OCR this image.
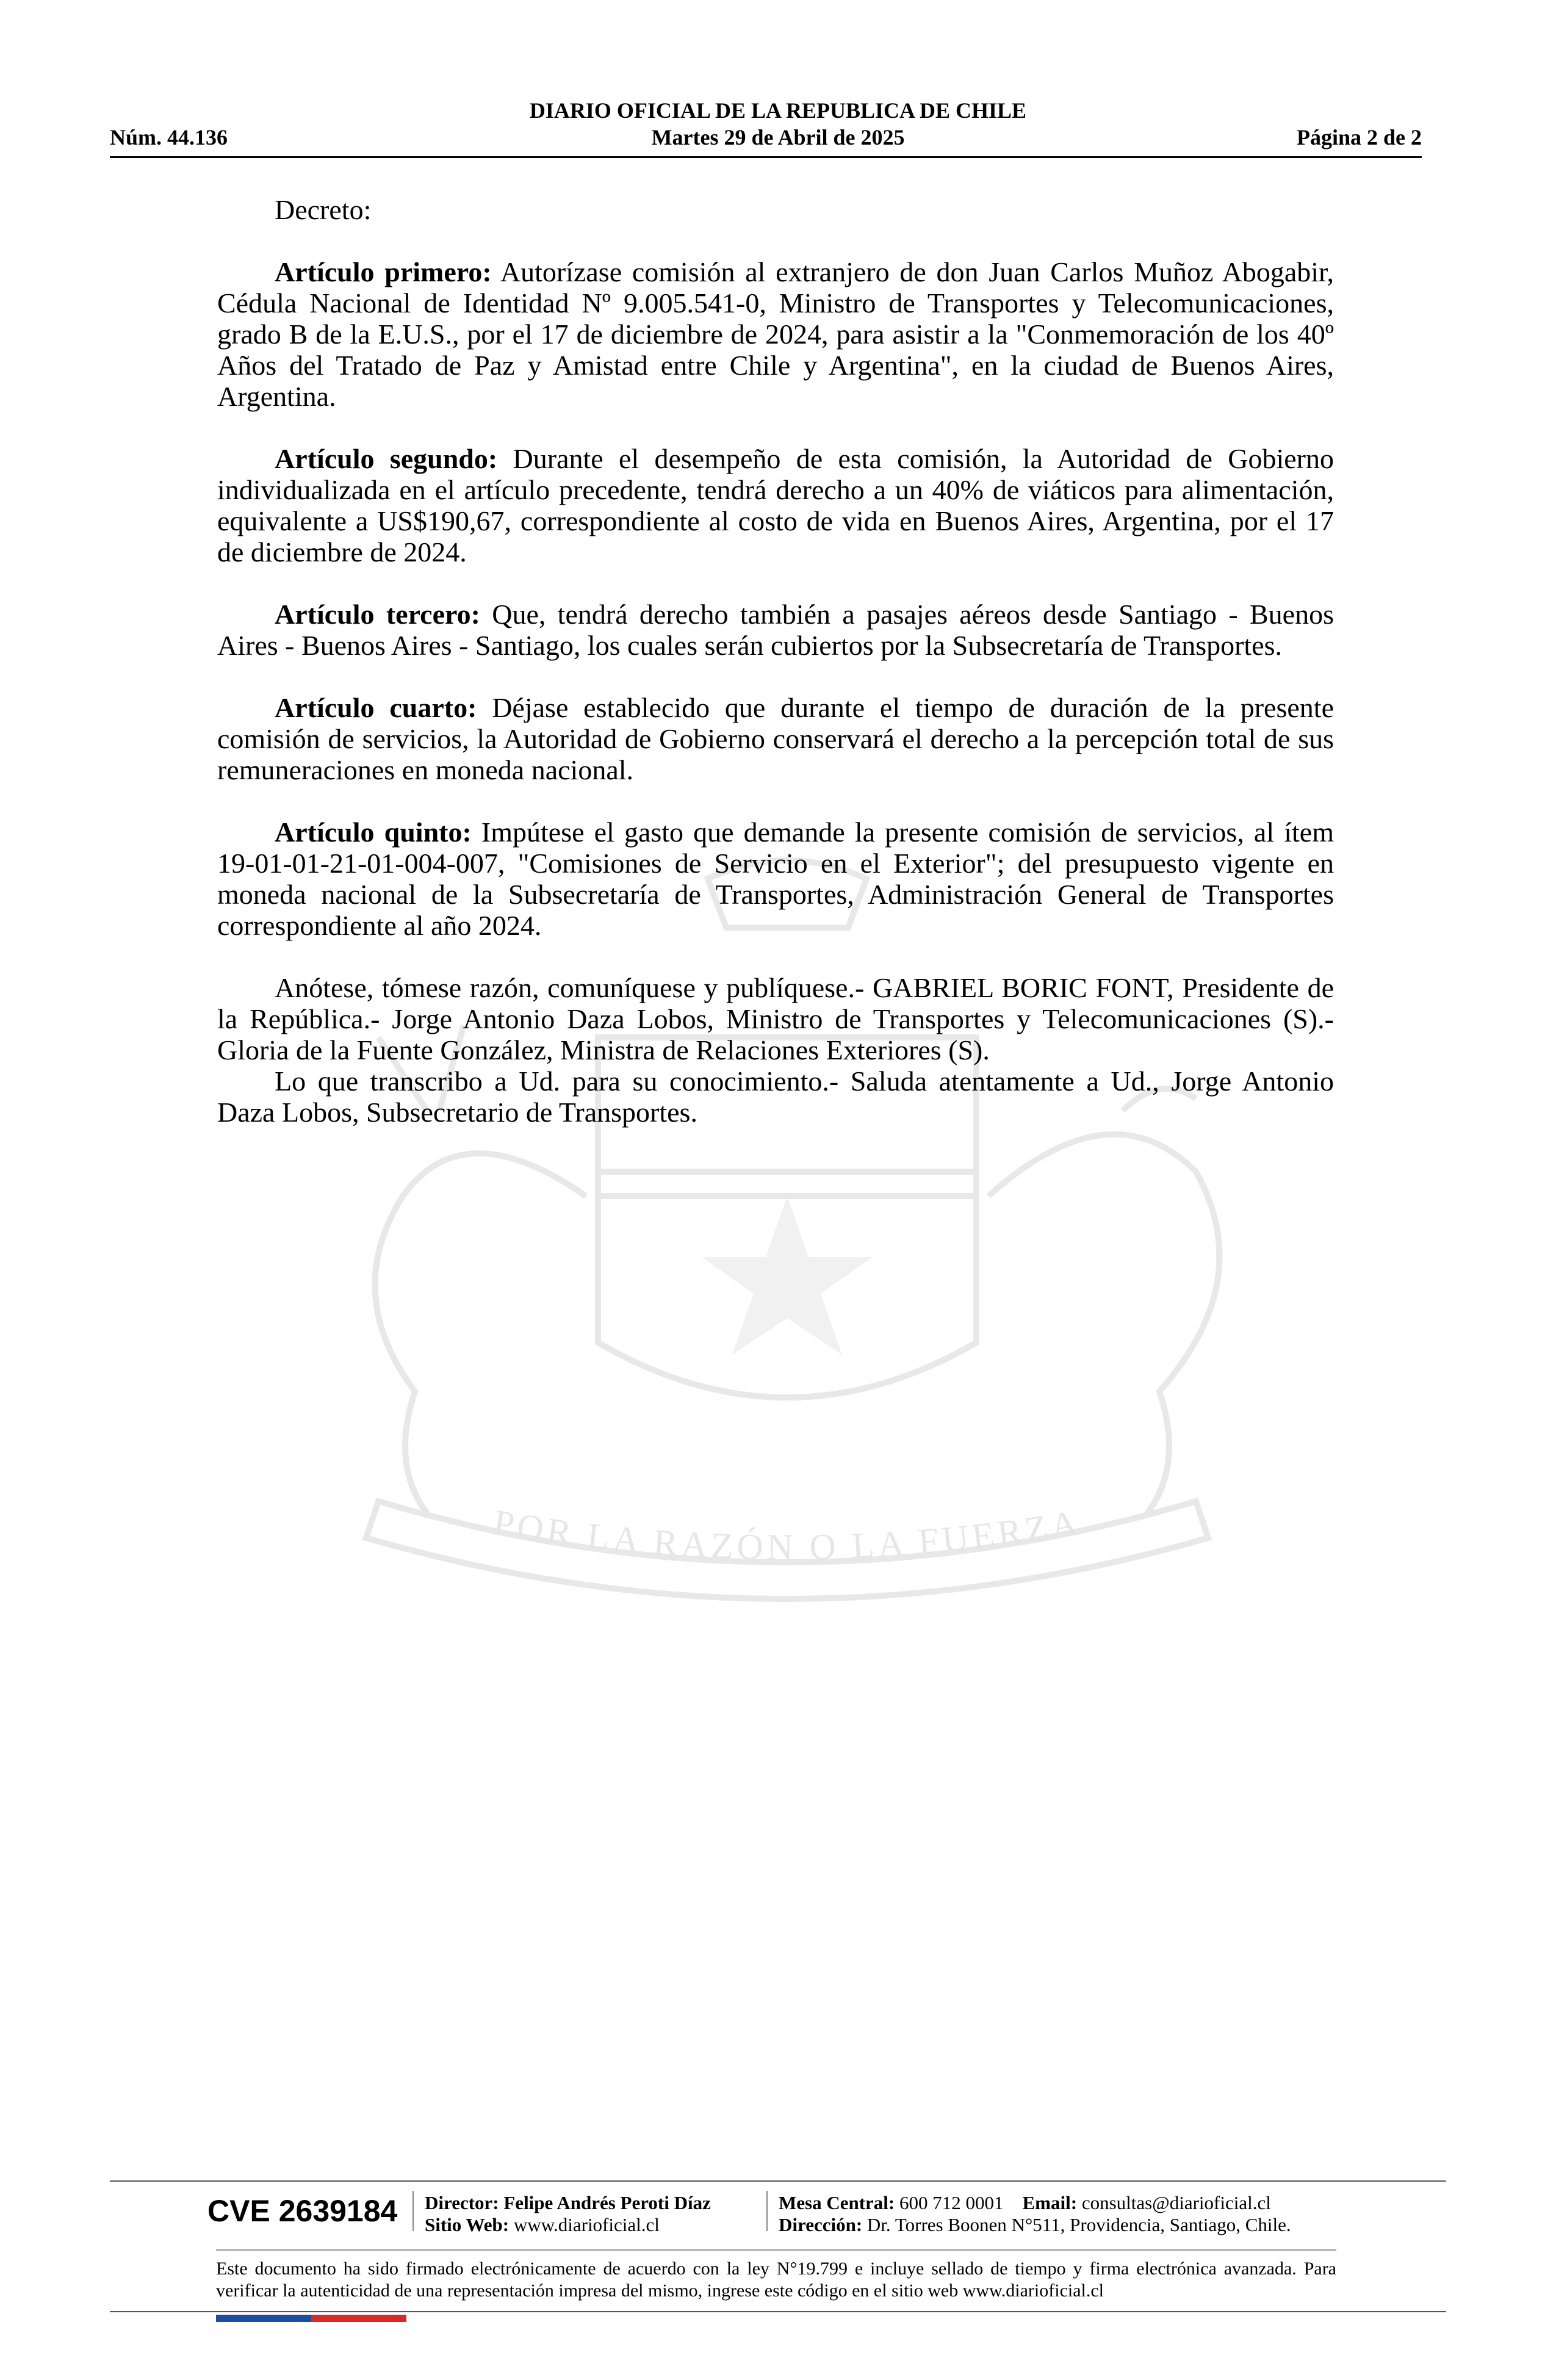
DIARIO OFICIAL DE LA REPUBLICA DE CHILE
Núm. 44.136	Martes 29 de Abril de 2025	Página 2 de 2
POR LA RAZÓN O LA FUERZA

Decreto:

Artículo primero: Autorízase comisión al extranjero de don Juan Carlos Muñoz Abogabir, Cédula Nacional de Identidad Nº 9.005.541-0, Ministro de Transportes y Telecomunicaciones, grado B de la E.U.S., por el 17 de diciembre de 2024, para asistir a la "Conmemoración de los 40º Años del Tratado de Paz y Amistad entre Chile y Argentina", en la ciudad de Buenos Aires, Argentina.

Artículo segundo: Durante el desempeño de esta comisión, la Autoridad de Gobierno individualizada en el artículo precedente, tendrá derecho a un 40% de viáticos para alimentación, equivalente a US$190,67, correspondiente al costo de vida en Buenos Aires, Argentina, por el 17 de diciembre de 2024.

Artículo tercero: Que, tendrá derecho también a pasajes aéreos desde Santiago - Buenos Aires - Buenos Aires - Santiago, los cuales serán cubiertos por la Subsecretaría de Transportes.

Artículo cuarto: Déjase establecido que durante el tiempo de duración de la presente comisión de servicios, la Autoridad de Gobierno conservará el derecho a la percepción total de sus remuneraciones en moneda nacional.

Artículo quinto: Impútese el gasto que demande la presente comisión de servicios, al ítem 19-01-01-21-01-004-007, "Comisiones de Servicio en el Exterior"; del presupuesto vigente en moneda nacional de la Subsecretaría de Transportes, Administración General de Transportes correspondiente al año 2024.

Anótese, tómese razón, comuníquese y publíquese.- GABRIEL BORIC FONT, Presidente de la República.- Jorge Antonio Daza Lobos, Ministro de Transportes y Telecomunicaciones (S).- Gloria de la Fuente González, Ministra de Relaciones Exteriores (S).

Lo que transcribo a Ud. para su conocimiento.- Saluda atentamente a Ud., Jorge Antonio Daza Lobos, Subsecretario de Transportes.

CVE 2639184 Director: Felipe Andrés Peroti Díaz
Sitio Web: www.diarioficial.cl
Mesa Central: 600 712 0001 Email: consultas@diarioficial.cl
Dirección: Dr. Torres Boonen N°511, Providencia, Santiago, Chile.
Este documento ha sido firmado electrónicamente de acuerdo con la ley N°19.799 e incluye sellado de tiempo y firma electrónica avanzada. Para verificar la autenticidad de una representación impresa del mismo, ingrese este código en el sitio web www.diarioficial.cl
